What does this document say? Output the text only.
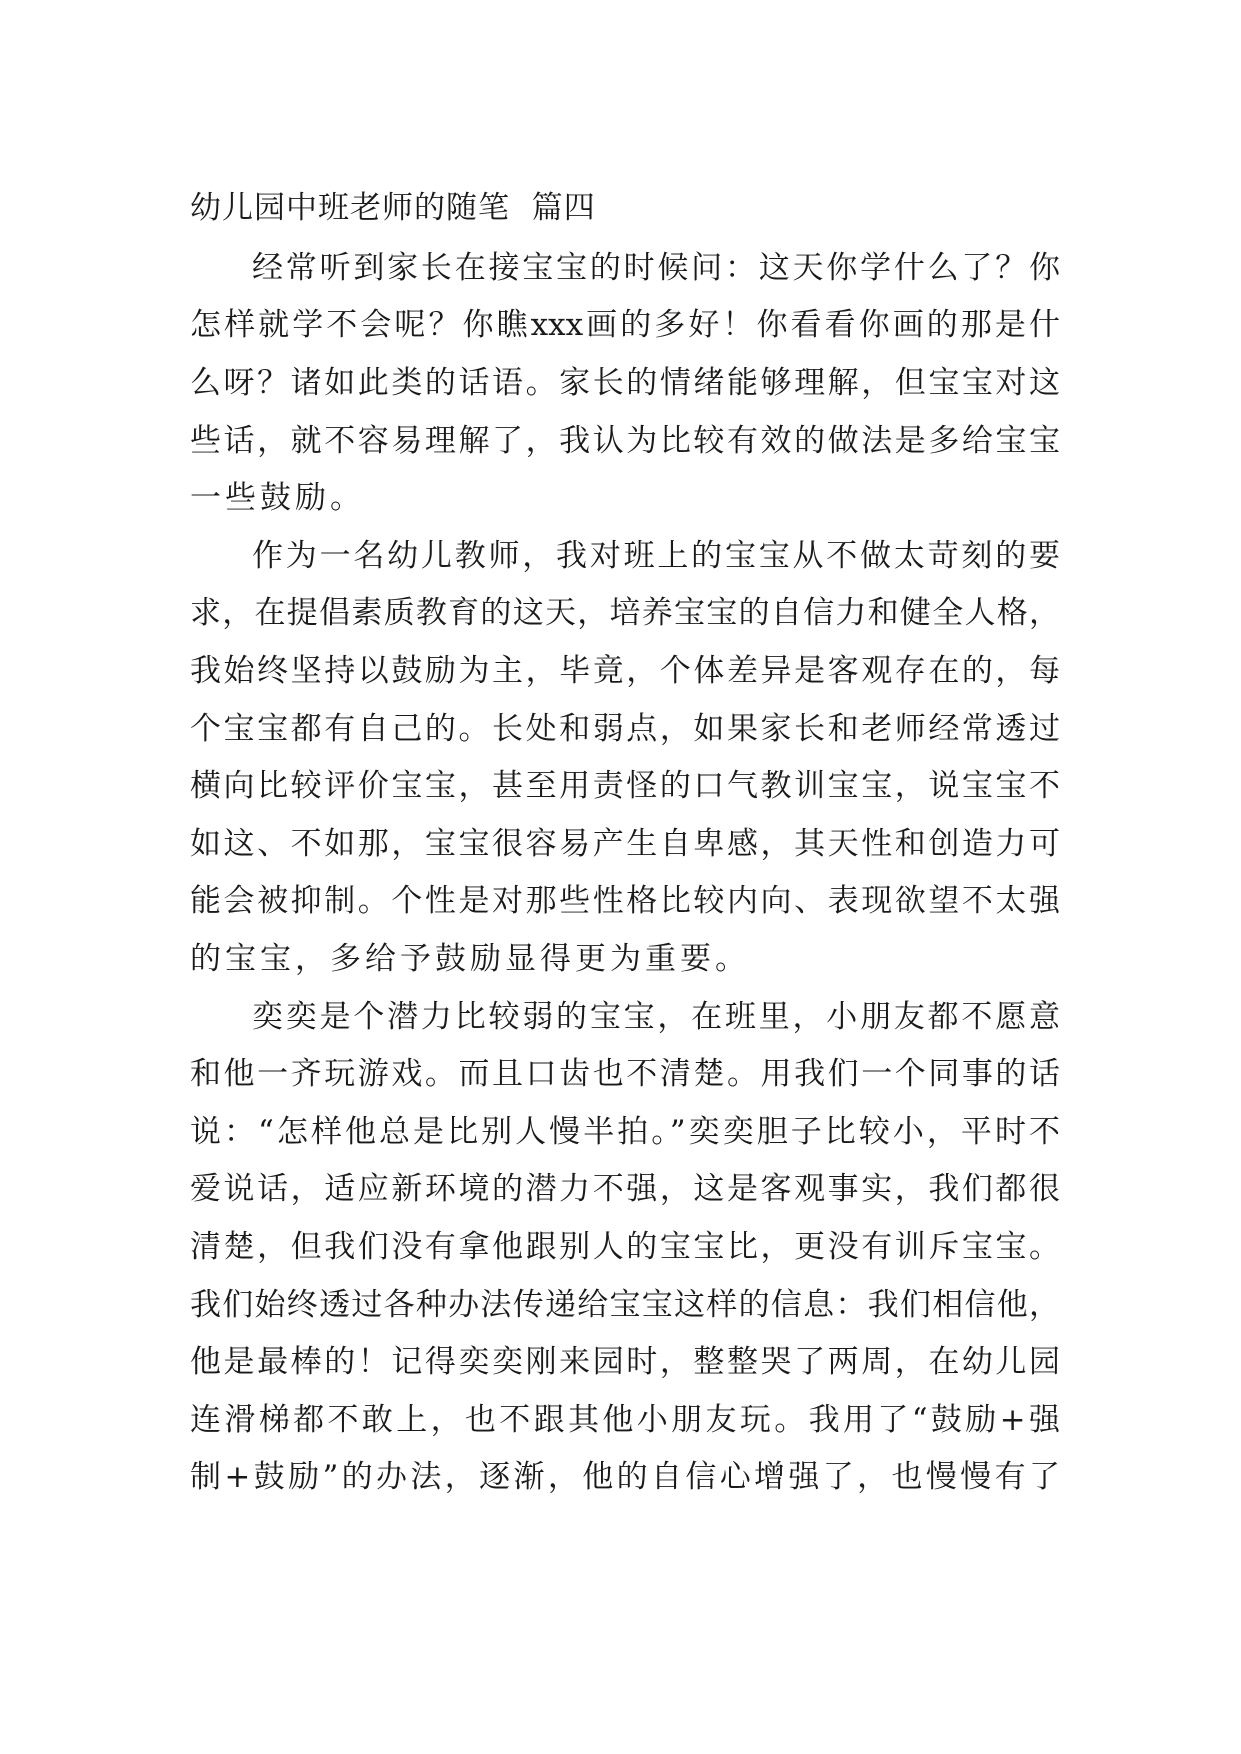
幼儿园中班老师的随笔  篇四
经常听到家长在接宝宝的时候问：这天你学什么了？你
怎样就学不会呢？你瞧xxx画的多好！你看看你画的那是什
么呀？诸如此类的话语。家长的情绪能够理解，但宝宝对这
些话，就不容易理解了，我认为比较有效的做法是多给宝宝
一些鼓励。
作为一名幼儿教师，我对班上的宝宝从不做太苛刻的要
求，在提倡素质教育的这天，培养宝宝的自信力和健全人格，
我始终坚持以鼓励为主，毕竟，个体差异是客观存在的，每
个宝宝都有自己的。长处和弱点，如果家长和老师经常透过
横向比较评价宝宝，甚至用责怪的口气教训宝宝，说宝宝不
如这、不如那，宝宝很容易产生自卑感，其天性和创造力可
能会被抑制。个性是对那些性格比较内向、表现欲望不太强
的宝宝，多给予鼓励显得更为重要。
奕奕是个潜力比较弱的宝宝，在班里，小朋友都不愿意
和他一齐玩游戏。而且口齿也不清楚。用我们一个同事的话
说：“怎样他总是比别人慢半拍。”奕奕胆子比较小，平时不
爱说话，适应新环境的潜力不强，这是客观事实，我们都很
清楚，但我们没有拿他跟别人的宝宝比，更没有训斥宝宝。
我们始终透过各种办法传递给宝宝这样的信息：我们相信他，
他是最棒的！记得奕奕刚来园时，整整哭了两周，在幼儿园
连滑梯都不敢上，也不跟其他小朋友玩。我用了“鼓励+强
制+鼓励”的办法，逐渐，他的自信心增强了，也慢慢有了
